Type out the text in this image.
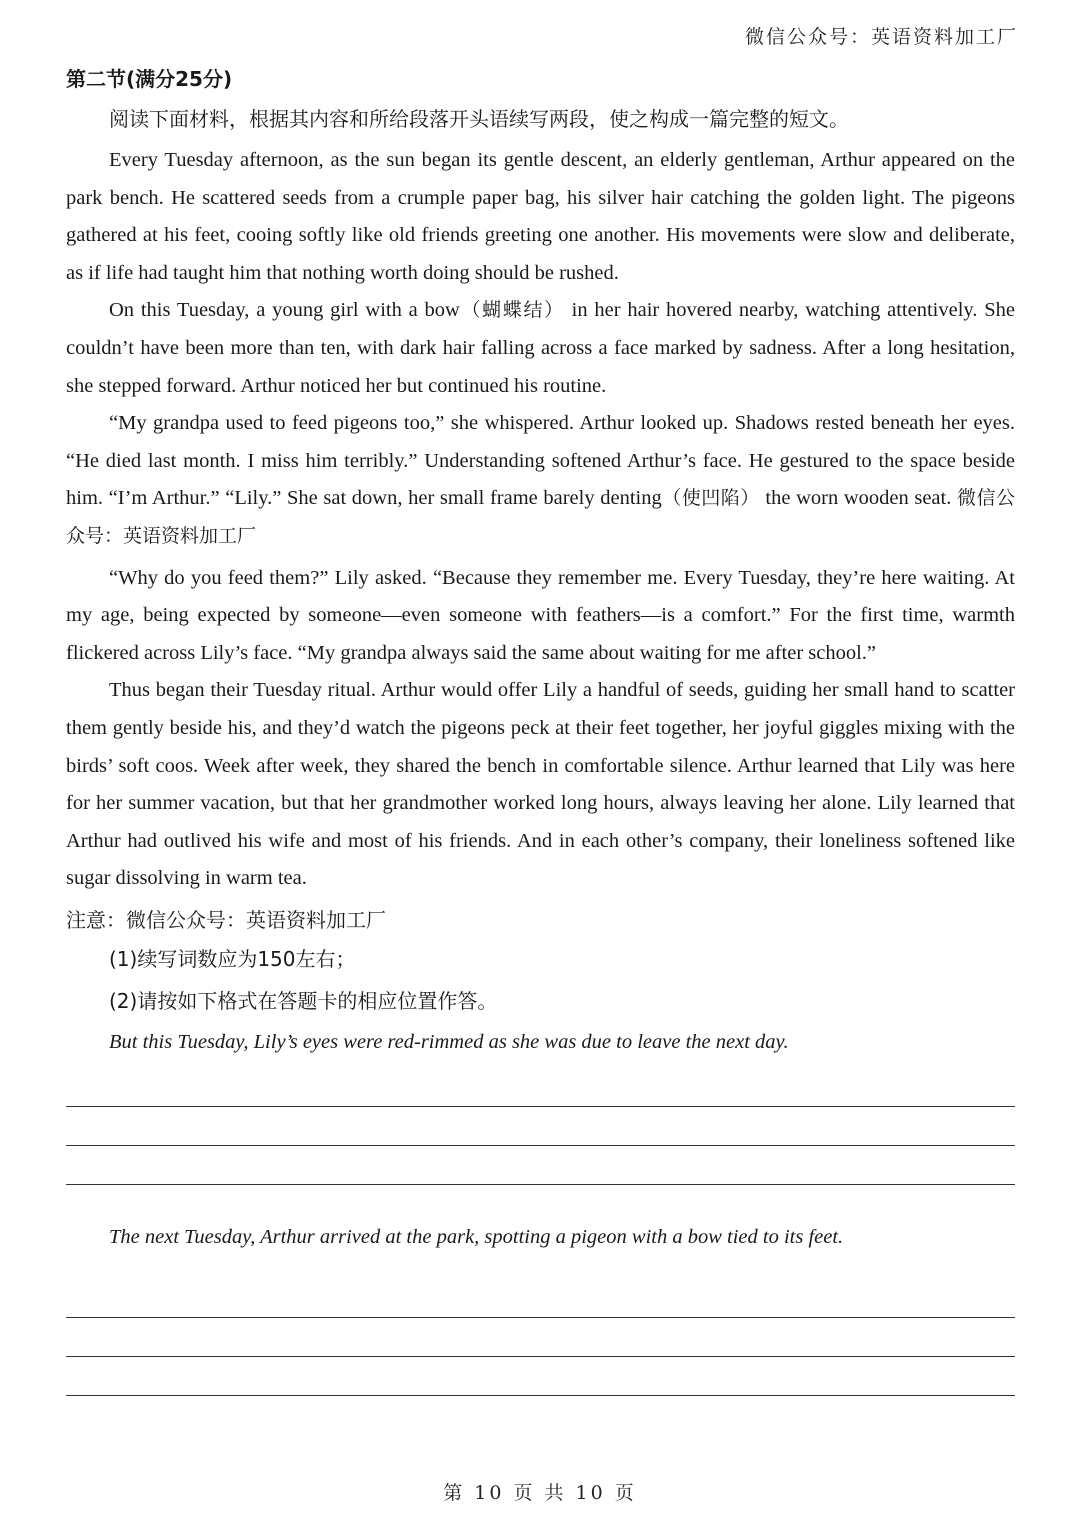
微信公众号：英语资料加工厂
第二节(满分25分)

阅读下面材料，根据其内容和所给段落开头语续写两段，使之构成一篇完整的短文。

Every Tuesday afternoon, as the sun began its gentle descent, an elderly gentleman, Arthur appeared on the park bench. He scattered seeds from a crumple paper bag, his silver hair catching the golden light. The pigeons gathered at his feet, cooing softly like old friends greeting one another. His movements were slow and deliberate, as if life had taught him that nothing worth doing should be rushed.

On this Tuesday, a young girl with a bow（蝴蝶结） in her hair hovered nearby, watching attentively. She couldn’t have been more than ten, with dark hair falling across a face marked by sadness. After a long hesitation, she stepped forward. Arthur noticed her but continued his routine.

“My grandpa used to feed pigeons too,” she whispered. Arthur looked up. Shadows rested beneath her eyes. “He died last month. I miss him terribly.” Understanding softened Arthur’s face. He gestured to the space beside him. “I’m Arthur.” “Lily.” She sat down, her small frame barely denting（使凹陷） the worn wooden seat. 微信公众号：英语资料加工厂

“Why do you feed them?” Lily asked. “Because they remember me. Every Tuesday, they’re here waiting. At my age, being expected by someone—even someone with feathers—is a comfort.” For the first time, warmth flickered across Lily’s face. “My grandpa always said the same about waiting for me after school.”

Thus began their Tuesday ritual. Arthur would offer Lily a handful of seeds, guiding her small hand to scatter them gently beside his, and they’d watch the pigeons peck at their feet together, her joyful giggles mixing with the birds’ soft coos. Week after week, they shared the bench in comfortable silence. Arthur learned that Lily was here for her summer vacation, but that her grandmother worked long hours, always leaving her alone. Lily learned that Arthur had outlived his wife and most of his friends. And in each other’s company, their loneliness softened like sugar dissolving in warm tea.

注意：微信公众号：英语资料加工厂

(1)续写词数应为150左右；

(2)请按如下格式在答题卡的相应位置作答。

But this Tuesday, Lily’s eyes were red-rimmed as she was due to leave the next day.

The next Tuesday, Arthur arrived at the park, spotting a pigeon with a bow tied to its feet.

第 10 页 共 10 页
